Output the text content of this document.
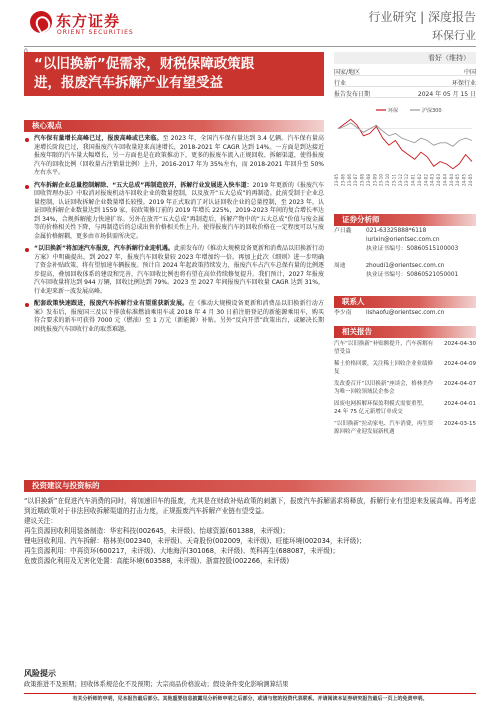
东方证券
ORIENT SECURITIES
行业研究 | 深度报告
环保行业
“以旧换新”促需求，财税保障政策跟
进，报废汽车拆解产业有望受益
看好（维持）
国家/地区	中国
行业	环保行业
报告发布日期	2024 年 05 月 15 日
环保	沪深300
23-05 23-06 23-06 23-07 23-08 23-08 23-09 23-10 23-10 23-11 23-12 23-12 24-01 24-02 24-02 24-03 24-03 24-04 24-04 24-05 24-05 24-05
核心观点

汽车保有量增长高峰已过，报废高峰或已来临。至 2023 年，全国汽车保有量达到 3.4 亿辆。汽车保有量高速增长阶段已过，我国报废汽车回收量迎来高速增长，2018-2021 年 CAGR 达到 14%。一方面是到达接近报废年限的汽车量大幅增长，另一方面也是在政策推动下，更多的报废车流入正规回收、拆解渠道，使得报废汽车的回收比例（回收量占注销量比例）上升，2016-2017 年为 35%左右，而 2018-2021 年回升至 50%左右水平。

汽车拆解企业总量控制解除、“五大总成”再制造放开，拆解行业发展进入快车道：2019 年更新的《报废汽车回收管理办法》中取消对报废机动车回收企业的数量控制，以及放开“五大总成”的再制造。此前受制于企业总量控制，认证回收拆解企业数量增长较慢。2019 年正式取消了对认证回收企业的总量控制，至 2023 年，认证回收拆解企业数量达到 1559 家，较政策修订前的 2019 年增长 225%，2019-2023 年间的复合增长率达到 34%，合规拆解能力快速扩容。另外在放开“五大总成”再制造后，拆解产物中的“五大总成”价值与废金属等的价格相关性下降，与再制造后的总成出售价格相关性上升。使得报废汽车的回收价格在一定程度可以与废金属价格解耦，更多由市场供需所决定。

“以旧换新”将加速汽车报废，汽车拆解行业迎机遇。此前发布的《推动大规模设备更新和消费品以旧换新行动方案》中明确提出，到 2027 年，报废汽车回收量较 2023 年增加约一倍。再加上此次《细则》进一步明确了资金补贴政策，将有望加速车辆报废。预计自 2024 年起政策持续发力，报废汽车占汽车总保有量的比例逐步提高，叠加回收体系的建设和完善，汽车回收比例也将有望在高位持续修复提升。我们预计，2027 年报废汽车回收量将达到 944 万辆，回收比例达到 79%。2023 至 2027 年间报废汽车回收量 CAGR 达到 31%，行业迎来新一波发展高峰。

配套政策快速跟进，报废汽车拆解行业有望重获新发展。在《推动大规模设备更新和消费品以旧换新行动方案》发布后，报废国三及以下排放标准燃油乘用车或 2018 年 4 月 30 日前注册登记的新能源乘用车，购买符合要求的新车可获得 7000 元（燃油）至 1 万元（新能源）补贴。另外“反向开票”政策出台，或解决长期困扰报废汽车回收行业的取票难题。

证券分析师
卢日鑫	021-63325888*6118
lurixin@orientsec.com.cn
执业证书编号：S0860515100003
周迪	zhoudi1@orientsec.com.cn
执业证书编号：S0860521050001
联系人
李少南	lishaofu@orientsec.com.cn
相关报告
汽车“以旧换新”补贴额提升，汽车拆解有望受益
2024-04-30
稀土价格回暖，关注稀土回收企业业绩修复
2024-04-09
发改委召开“以旧换新”座谈会，格林美作为唯一回收领域民企参会
2024-04-07
固废电网拆解环保盈利模式需要重塑，24 年 75 亿元新增订单成交
2024-04-01
“以旧换新”拉动家电、汽车消费，再生资源回收产业迎发展新机遇
2024-03-15
投资建议与投资标的

“以旧换新”在促进汽车消费的同时，将加速旧车的报废，尤其是在财政补贴政策的刺激下，报废汽车拆解需求将释放，拆解行业有望迎来发展高峰。再考虑到近期政策对于非法回收拆解渠道的打击力度，正规报废汽车拆解产业链有望受益。

建议关注：

再生资源回收利用装备制造：华宏科技(002645，未评级)、怡球资源(601388，未评级)；

锂电回收利用、汽车拆解：格林美(002340，未评级)、天奇股份(002009，未评级)、旺能环境(002034，未评级)；

再生资源利用：中再资环(600217，未评级)、大地海洋(301068，未评级)、英科再生(688087，未评级)；

危废资源化利用及无害化处置：高能环境(603588，未评级)、浙富控股(002266，未评级)

风险提示
政策推进不及预期；回收体系规范化不及预期；大宗商品价格波动；假设条件变化影响测算结果
有关分析师的申明，见本报告最后部分。其他重要信息披露见分析师申明之后部分，或请与您的投资代表联系。并请阅读本证券研究报告最后一页上的免责申明。
